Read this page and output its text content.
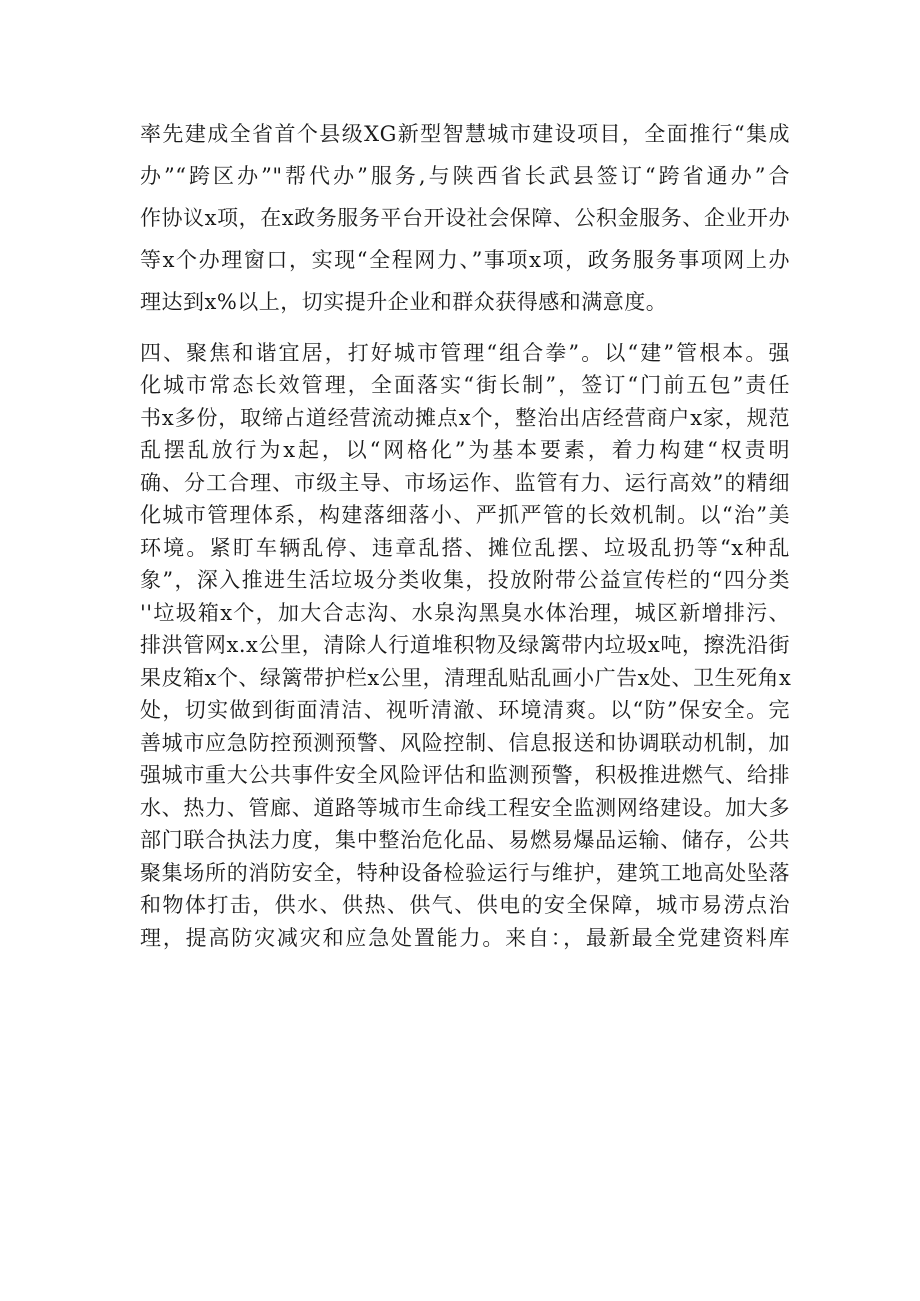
率先建成全省首个县级XG新型智慧城市建设项目，全面推行“集成
办”“跨区办”"帮代办”服务,与陕西省长武县签订“跨省通办”合
作协议x项，在x政务服务平台开设社会保障、公积金服务、企业开办
等x个办理窗口，实现“全程网力、”事项x项，政务服务事项网上办
理达到x%以上，切实提升企业和群众获得感和满意度。
四、聚焦和谐宜居，打好城市管理“组合拳”。以“建”管根本。强
化城市常态长效管理，全面落实“街长制”，签订“门前五包”责任
书x多份，取缔占道经营流动摊点x个，整治出店经营商户x家，规范
乱摆乱放行为x起，以“网格化”为基本要素，着力构建“权责明
确、分工合理、市级主导、市场运作、监管有力、运行高效”的精细
化城市管理体系，构建落细落小、严抓严管的长效机制。以“治”美
环境。紧盯车辆乱停、违章乱搭、摊位乱摆、垃圾乱扔等“x种乱
象”，深入推进生活垃圾分类收集，投放附带公益宣传栏的“四分类
''垃圾箱x个，加大合志沟、水泉沟黑臭水体治理，城区新增排污、
排洪管网x.x公里，清除人行道堆积物及绿篱带内垃圾x吨，擦洗沿街
果皮箱x个、绿篱带护栏x公里，清理乱贴乱画小广告x处、卫生死角x
处，切实做到街面清洁、视听清澈、环境清爽。以“防”保安全。完
善城市应急防控预测预警、风险控制、信息报送和协调联动机制，加
强城市重大公共事件安全风险评估和监测预警，积极推进燃气、给排
水、热力、管廊、道路等城市生命线工程安全监测网络建设。加大多
部门联合执法力度，集中整治危化品、易燃易爆品运输、储存，公共
聚集场所的消防安全，特种设备检验运行与维护，建筑工地高处坠落
和物体打击，供水、供热、供气、供电的安全保障，城市易涝点治
理，提高防灾减灾和应急处置能力。来自：，最新最全党建资料库
